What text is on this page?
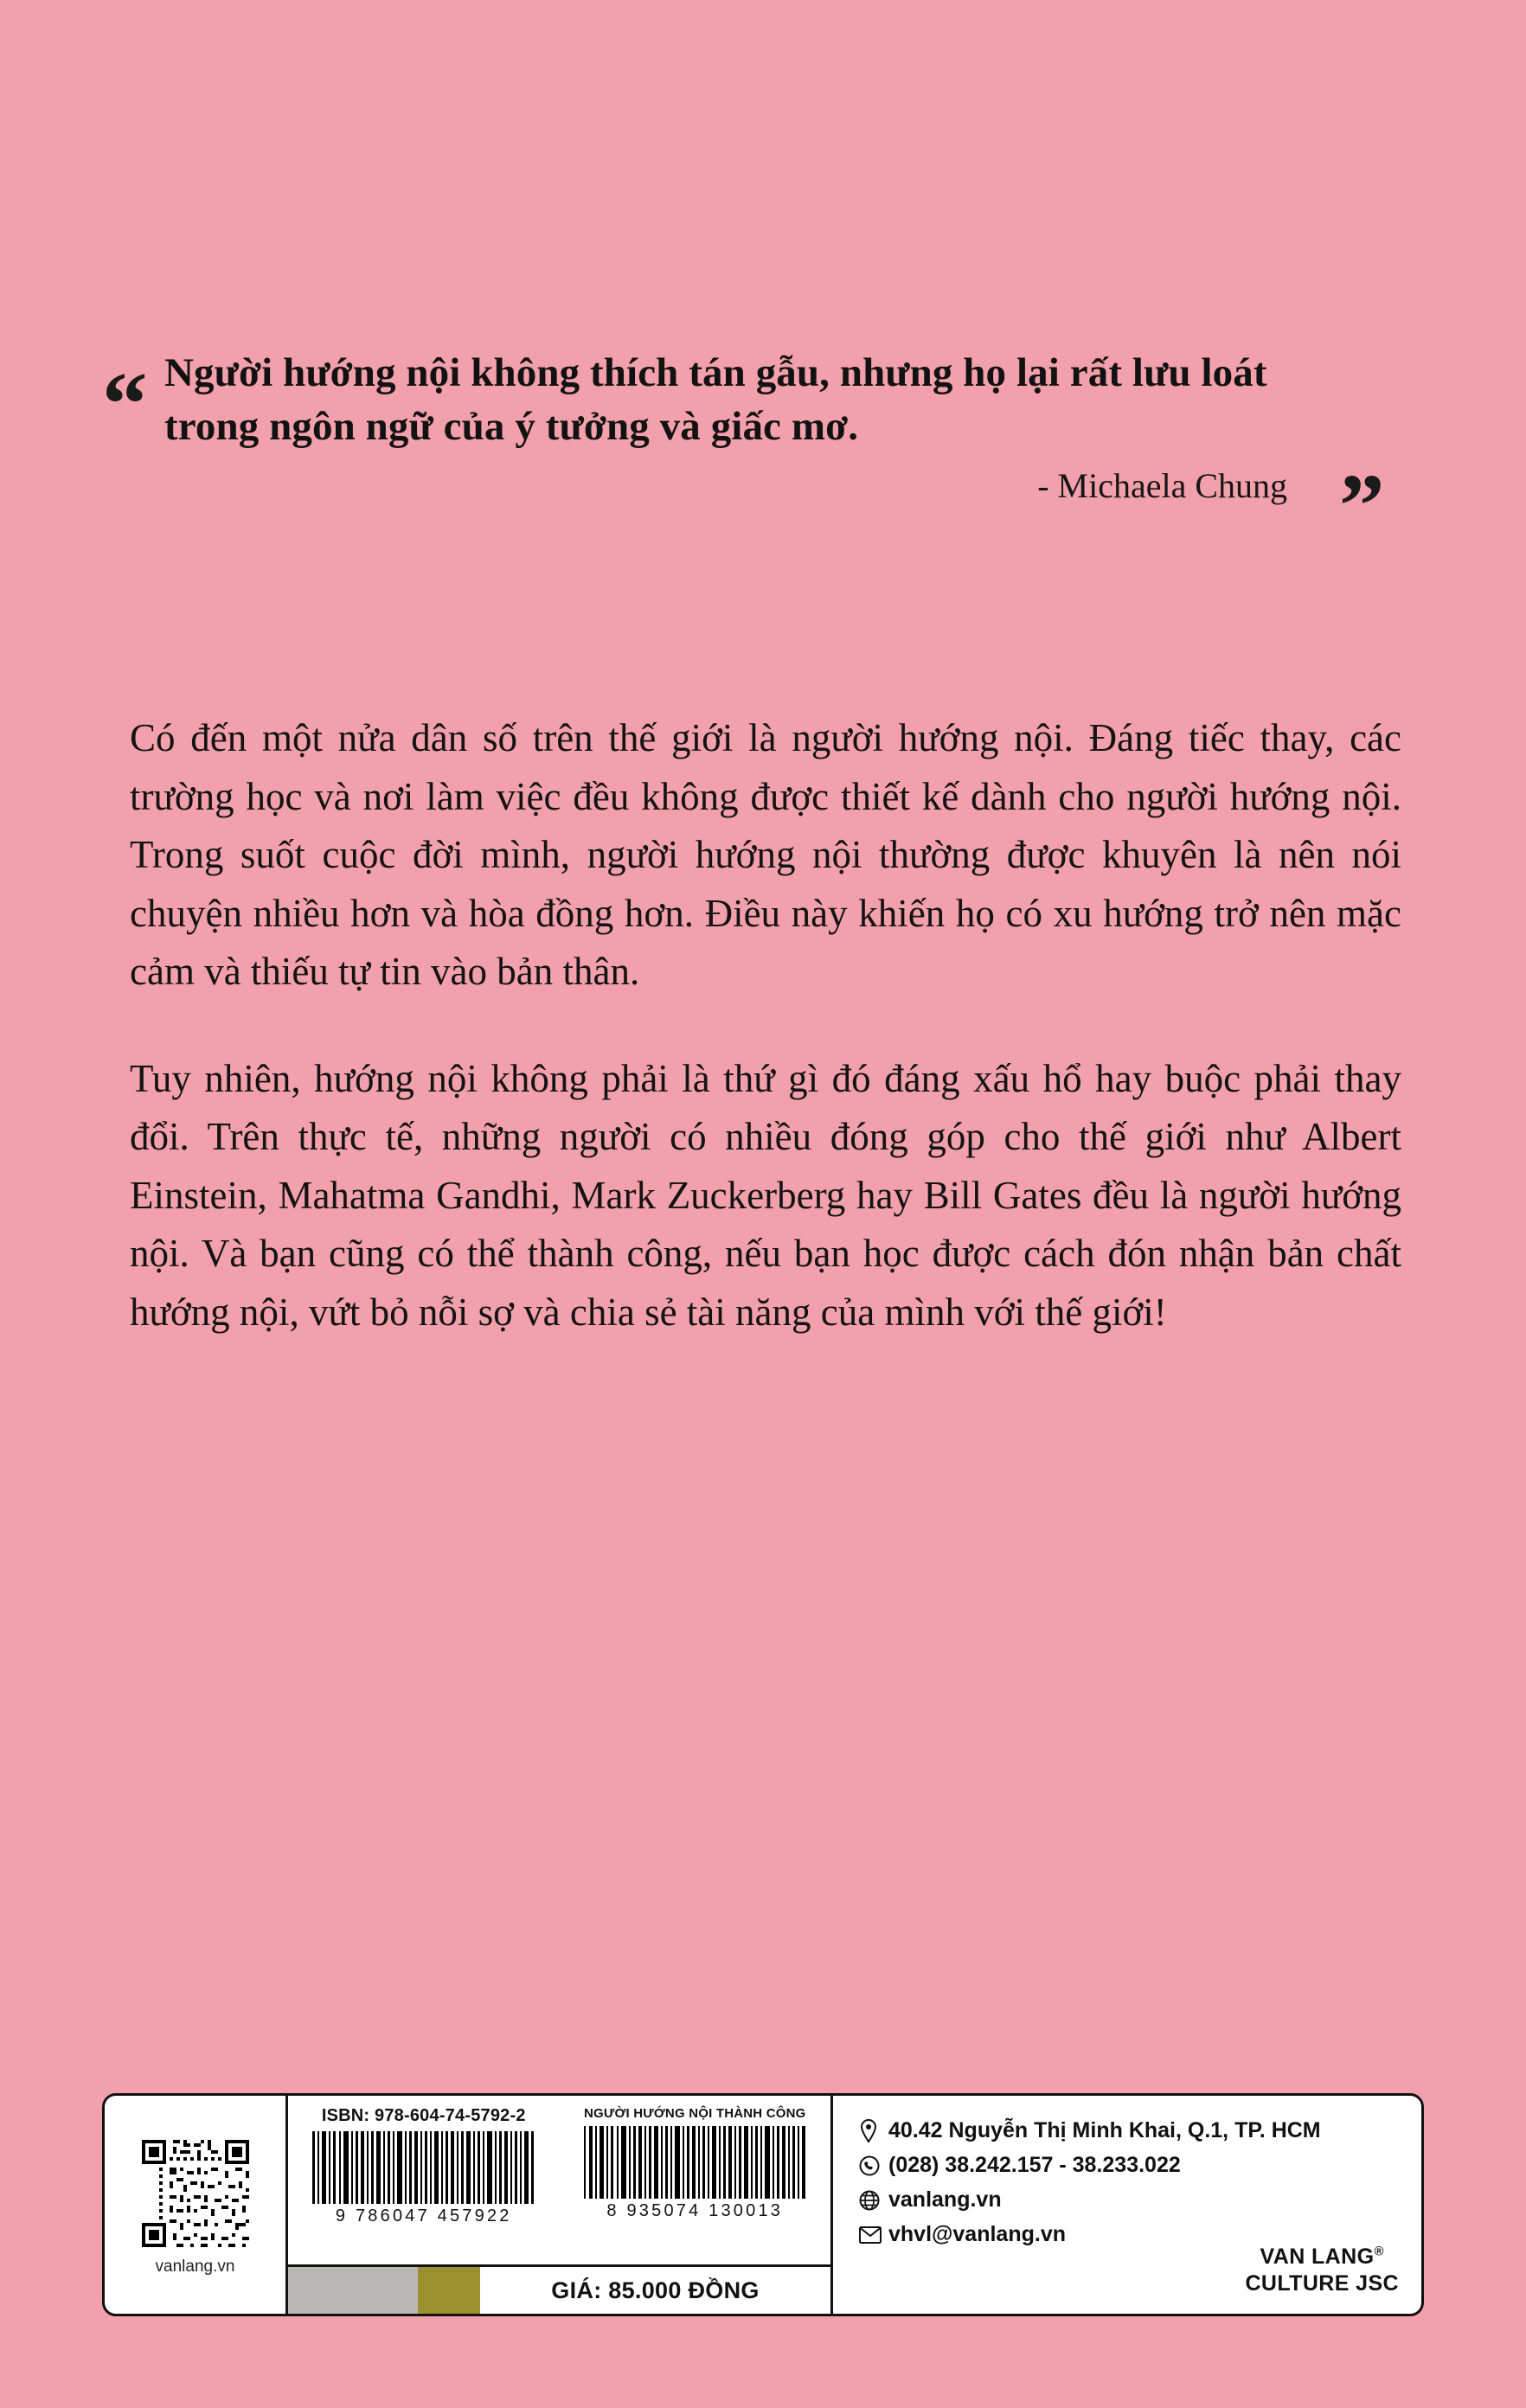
“ Người hướng nội không thích tán gẫu, nhưng họ lại rất lưu loát trong ngôn ngữ của ý tưởng và giấc mơ.
”
- Michaela Chung

Có đến một nửa dân số trên thế giới là người hướng nội. Đáng tiếc thay, các trường học và nơi làm việc đều không được thiết kế dành cho người hướng nội. Trong suốt cuộc đời mình, người hướng nội thường được khuyên là nên nói chuyện nhiều hơn và hòa đồng hơn. Điều này khiến họ có xu hướng trở nên mặc cảm và thiếu tự tin vào bản thân.

Tuy nhiên, hướng nội không phải là thứ gì đó đáng xấu hổ hay buộc phải thay đổi. Trên thực tế, những người có nhiều đóng góp cho thế giới như Albert Einstein, Mahatma Gandhi, Mark Zuckerberg hay Bill Gates đều là người hướng nội. Và bạn cũng có thể thành công, nếu bạn học được cách đón nhận bản chất hướng nội, vứt bỏ nỗi sợ và chia sẻ tài năng của mình với thế giới!

vanlang.vn
ISBN: 978-604-74-5792-2
9 786047 457922
NGƯỜI HƯỚNG NỘI THÀNH CÔNG
8 935074 130013
GIÁ: 85.000 ĐỒNG
40.42 Nguyễn Thị Minh Khai, Q.1, TP. HCM
(028) 38.242.157 - 38.233.022
vanlang.vn
vhvl@vanlang.vn
VAN LANG®
CULTURE JSC
